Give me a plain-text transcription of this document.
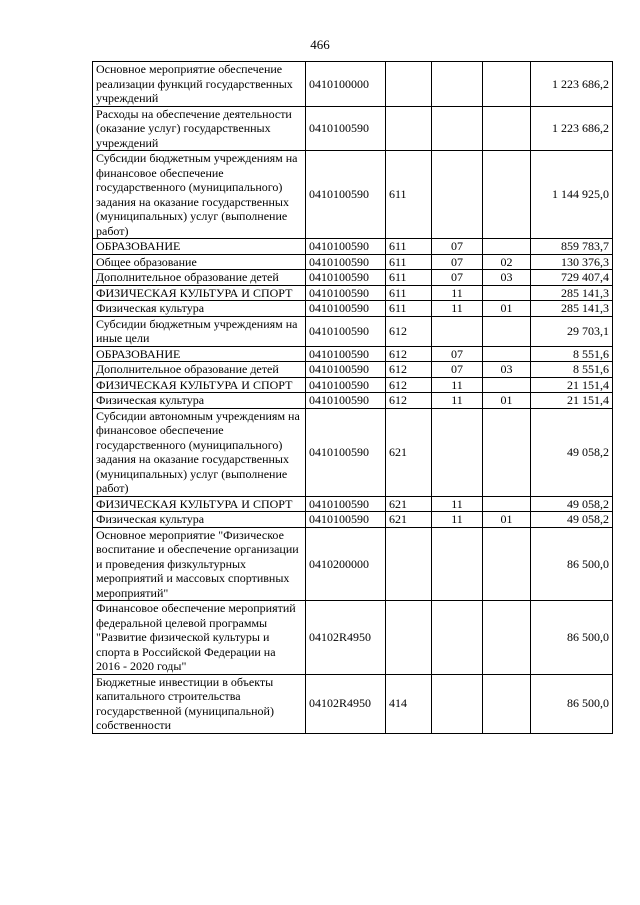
466
Основное мероприятие обеспечение реализации функций государственных учреждений	0410100000				1 223 686,2
Расходы на обеспечение деятельности (оказание услуг) государственных учреждений	0410100590				1 223 686,2
Субсидии бюджетным учреждениям на финансовое обеспечение государственного (муниципального) задания на оказание государственных (муниципальных) услуг (выполнение работ)	0410100590	611			1 144 925,0
ОБРАЗОВАНИЕ	0410100590	611	07		859 783,7
Общее образование	0410100590	611	07	02	130 376,3
Дополнительное образование детей	0410100590	611	07	03	729 407,4
ФИЗИЧЕСКАЯ КУЛЬТУРА И СПОРТ	0410100590	611	11		285 141,3
Физическая культура	0410100590	611	11	01	285 141,3
Субсидии бюджетным учреждениям на иные цели	0410100590	612			29 703,1
ОБРАЗОВАНИЕ	0410100590	612	07		8 551,6
Дополнительное образование детей	0410100590	612	07	03	8 551,6
ФИЗИЧЕСКАЯ КУЛЬТУРА И СПОРТ	0410100590	612	11		21 151,4
Физическая культура	0410100590	612	11	01	21 151,4
Субсидии автономным учреждениям на финансовое обеспечение государственного (муниципального) задания на оказание государственных (муниципальных) услуг (выполнение работ)	0410100590	621			49 058,2
ФИЗИЧЕСКАЯ КУЛЬТУРА И СПОРТ	0410100590	621	11		49 058,2
Физическая культура	0410100590	621	11	01	49 058,2
Основное мероприятие "Физическое воспитание и обеспечение организации и проведения физкультурных мероприятий и массовых спортивных мероприятий"	0410200000				86 500,0
Финансовое обеспечение мероприятий федеральной целевой программы "Развитие физической культуры и спорта в Российской Федерации на 2016 - 2020 годы"	04102R4950				86 500,0
Бюджетные инвестиции в объекты капитального строительства государственной (муниципальной) собственности	04102R4950	414			86 500,0
